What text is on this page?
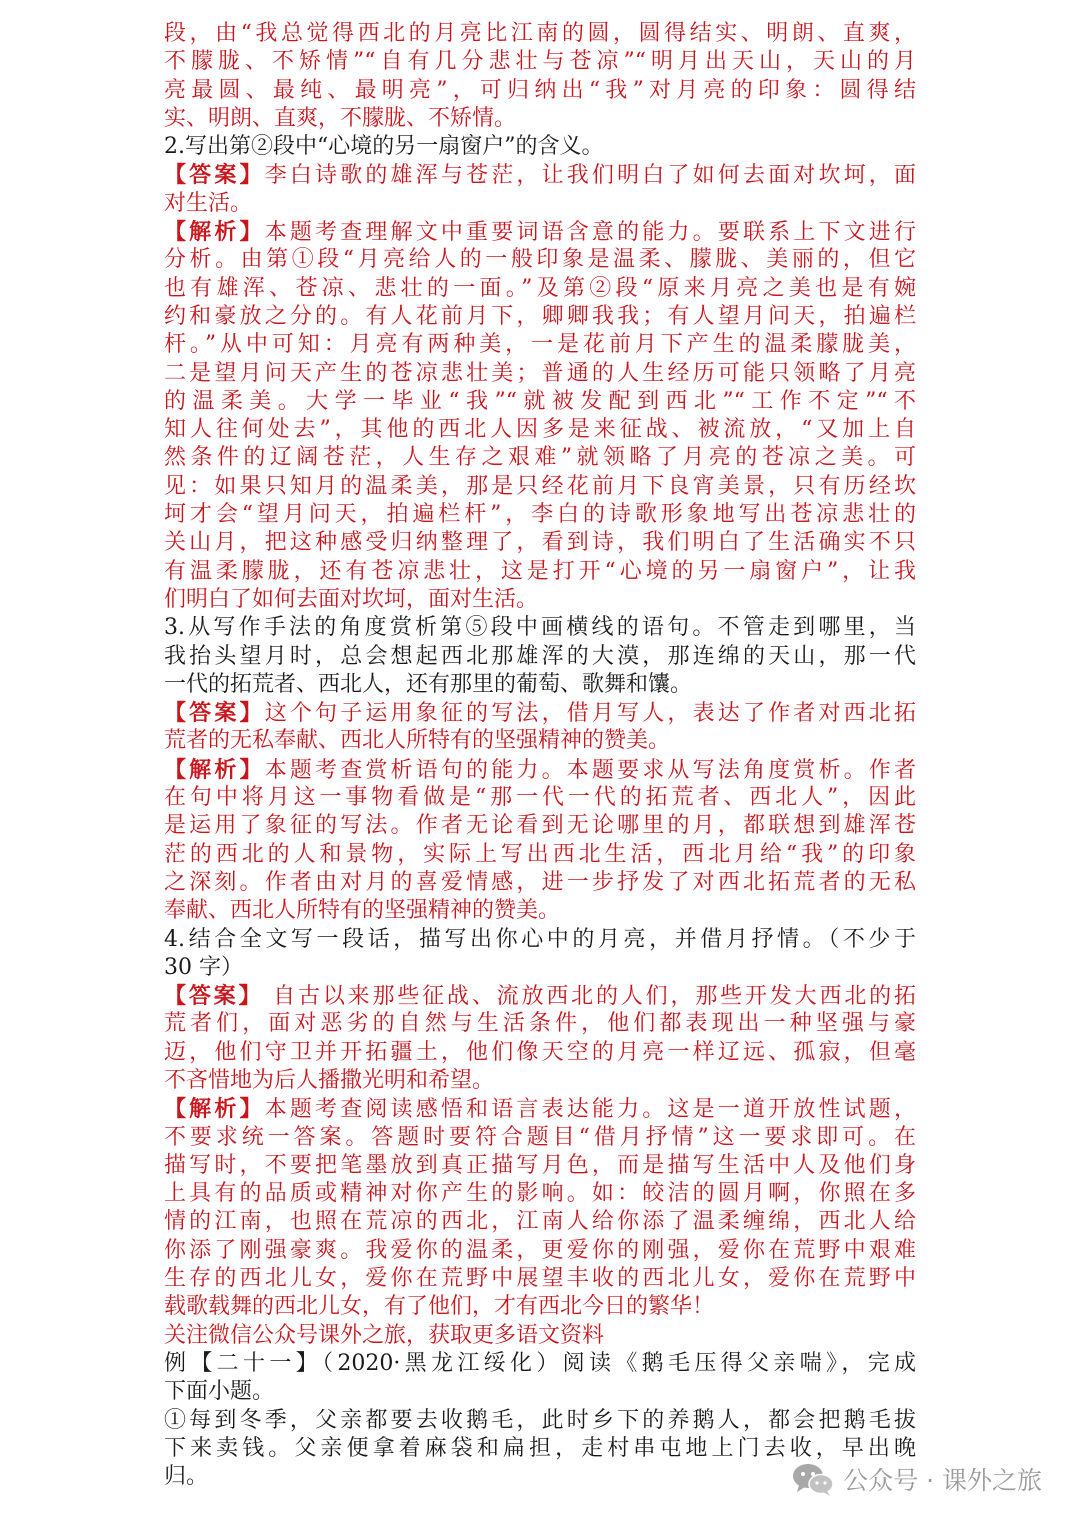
段，由“我总觉得西北的月亮比江南的圆，圆得结实、明朗、直爽，
不朦胧、不矫情”“自有几分悲壮与苍凉”“明月出天山，天山的月
亮最圆、最纯、最明亮”，可归纳出“我”对月亮的印象：圆得结
实、明朗、直爽，不朦胧、不矫情。
2.写出第②段中“心境的另一扇窗户”的含义。
【答案】李白诗歌的雄浑与苍茫，让我们明白了如何去面对坎坷，面
对生活。
【解析】本题考查理解文中重要词语含意的能力。要联系上下文进行
分析。由第①段“月亮给人的一般印象是温柔、朦胧、美丽的，但它
也有雄浑、苍凉、悲壮的一面。”及第②段“原来月亮之美也是有婉
约和豪放之分的。有人花前月下，卿卿我我；有人望月问天，拍遍栏
杆。”从中可知：月亮有两种美，一是花前月下产生的温柔朦胧美，
二是望月问天产生的苍凉悲壮美；普通的人生经历可能只领略了月亮
的温柔美。大学一毕业“我”“就被发配到西北”“工作不定”“不
知人往何处去”，其他的西北人因多是来征战、被流放，“又加上自
然条件的辽阔苍茫，人生存之艰难”就领略了月亮的苍凉之美。可
见：如果只知月的温柔美，那是只经花前月下良宵美景，只有历经坎
坷才会“望月问天，拍遍栏杆”，李白的诗歌形象地写出苍凉悲壮的
关山月，把这种感受归纳整理了，看到诗，我们明白了生活确实不只
有温柔朦胧，还有苍凉悲壮，这是打开“心境的另一扇窗户”，让我
们明白了如何去面对坎坷，面对生活。
3.从写作手法的角度赏析第⑤段中画横线的语句。不管走到哪里，当
我抬头望月时，总会想起西北那雄浑的大漠，那连绵的天山，那一代
一代的拓荒者、西北人，还有那里的葡萄、歌舞和馕。
【答案】这个句子运用象征的写法，借月写人，表达了作者对西北拓
荒者的无私奉献、西北人所特有的坚强精神的赞美。
【解析】本题考查赏析语句的能力。本题要求从写法角度赏析。作者
在句中将月这一事物看做是“那一代一代的拓荒者、西北人”，因此
是运用了象征的写法。作者无论看到无论哪里的月，都联想到雄浑苍
茫的西北的人和景物，实际上写出西北生活，西北月给“我”的印象
之深刻。作者由对月的喜爱情感，进一步抒发了对西北拓荒者的无私
奉献、西北人所特有的坚强精神的赞美。
4.结合全文写一段话，描写出你心中的月亮，并借月抒情。（不少于
30 字）
【答案】 自古以来那些征战、流放西北的人们，那些开发大西北的拓
荒者们，面对恶劣的自然与生活条件，他们都表现出一种坚强与豪
迈，他们守卫并开拓疆土，他们像天空的月亮一样辽远、孤寂，但毫
不吝惜地为后人播撒光明和希望。
【解析】本题考查阅读感悟和语言表达能力。这是一道开放性试题，
不要求统一答案。答题时要符合题目“借月抒情”这一要求即可。在
描写时，不要把笔墨放到真正描写月色，而是描写生活中人及他们身
上具有的品质或精神对你产生的影响。如：皎洁的圆月啊，你照在多
情的江南，也照在荒凉的西北，江南人给你添了温柔缠绵，西北人给
你添了刚强豪爽。我爱你的温柔，更爱你的刚强，爱你在荒野中艰难
生存的西北儿女，爱你在荒野中展望丰收的西北儿女，爱你在荒野中
载歌载舞的西北儿女，有了他们，才有西北今日的繁华！
关注微信公众号课外之旅，获取更多语文资料
例【二十一】（2020·黑龙江绥化）阅读《鹅毛压得父亲喘》，完成
下面小题。
①每到冬季，父亲都要去收鹅毛，此时乡下的养鹅人，都会把鹅毛拔
下来卖钱。父亲便拿着麻袋和扁担，走村串屯地上门去收，早出晚
归。	公众号 · 课外之旅
